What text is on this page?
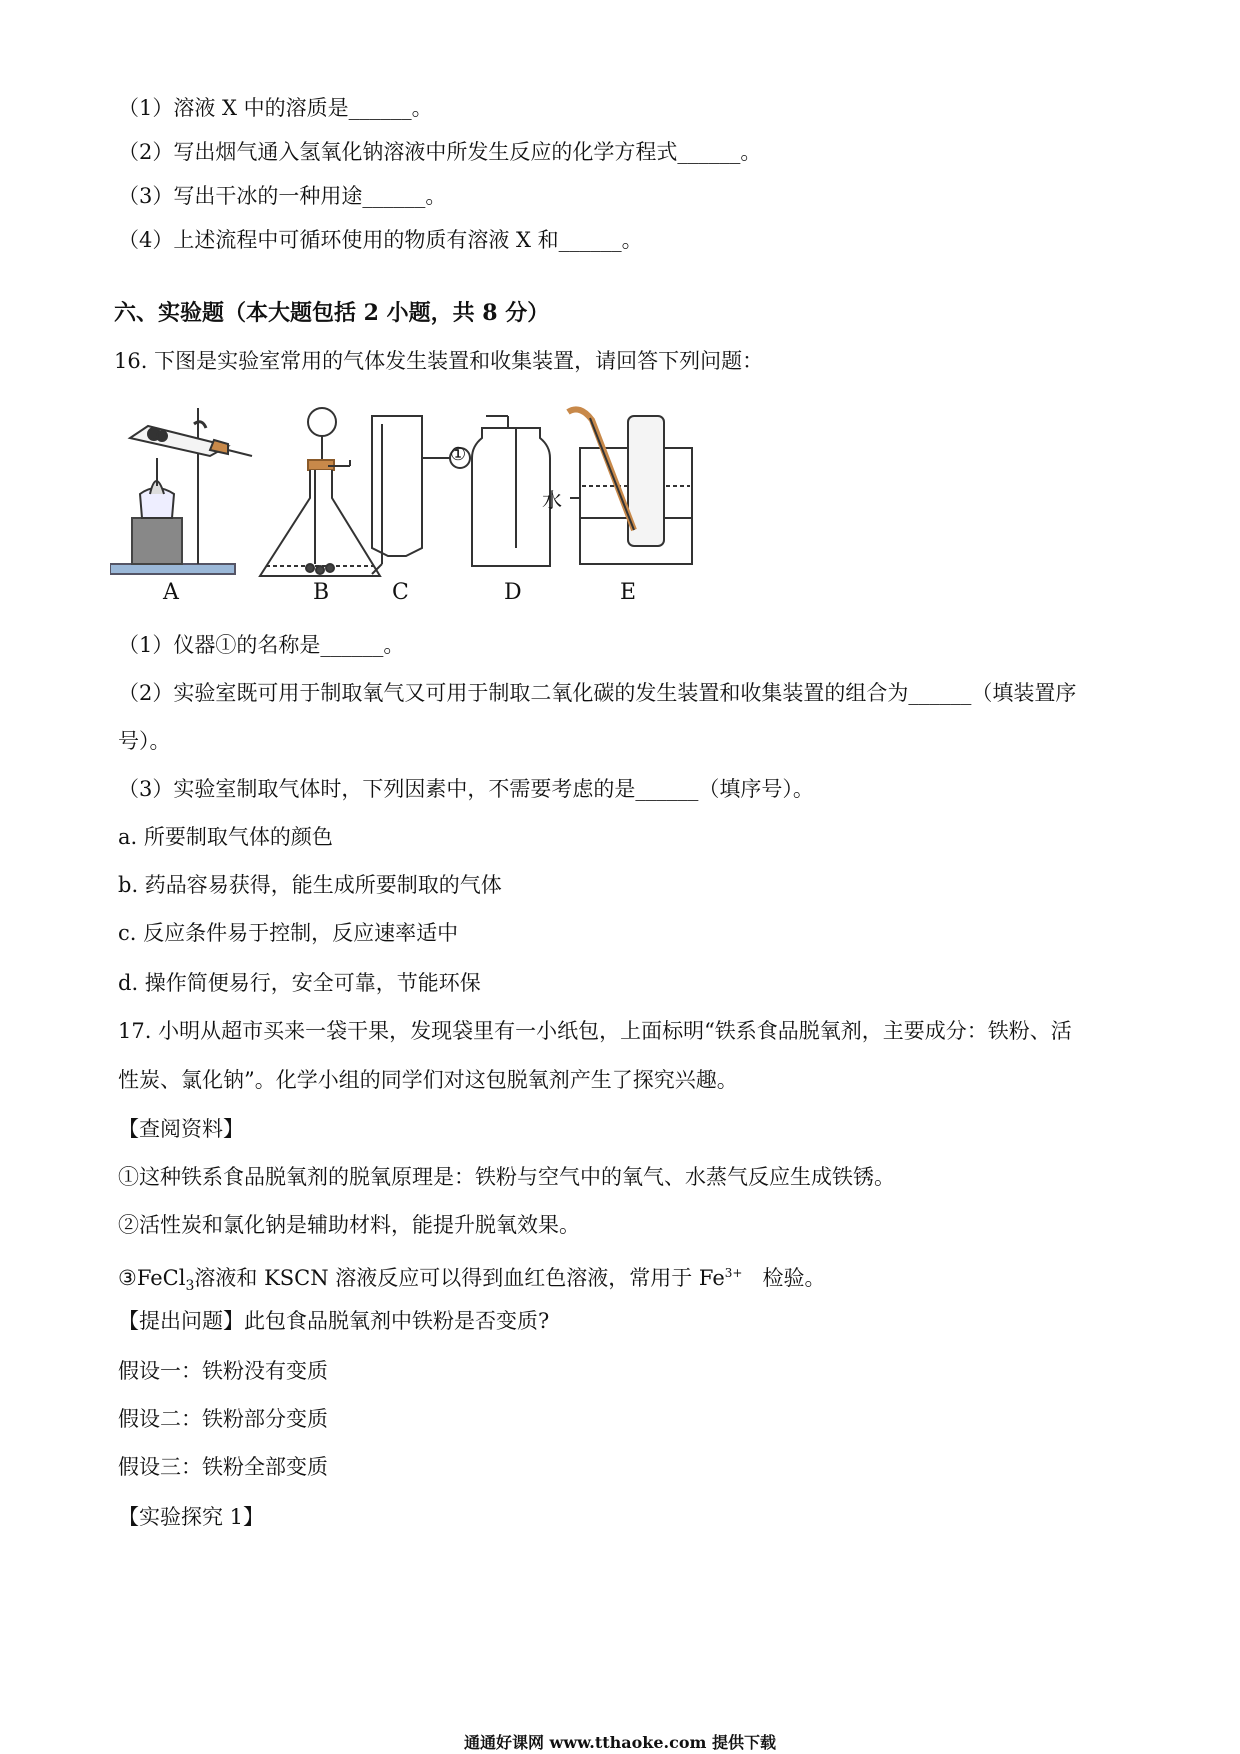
（1）溶液 X 中的溶质是______。
（2）写出烟气通入氢氧化钠溶液中所发生反应的化学方程式______。
（3）写出干冰的一种用途______。
（4）上述流程中可循环使用的物质有溶液 X 和______。
六、实验题（本大题包括 2 小题，共 8 分）
16. 下图是实验室常用的气体发生装置和收集装置，请回答下列问题：
①
水
A	B	C	D	E
（1）仪器①的名称是______。
（2）实验室既可用于制取氧气又可用于制取二氧化碳的发生装置和收集装置的组合为______（填装置序
号）。
（3）实验室制取气体时，下列因素中，不需要考虑的是______（填序号）。
a. 所要制取气体的颜色
b. 药品容易获得，能生成所要制取的气体
c. 反应条件易于控制，反应速率适中
d. 操作简便易行，安全可靠，节能环保
17. 小明从超市买来一袋干果，发现袋里有一小纸包，上面标明“铁系食品脱氧剂，主要成分：铁粉、活
性炭、氯化钠”。化学小组的同学们对这包脱氧剂产生了探究兴趣。
【查阅资料】
①这种铁系食品脱氧剂的脱氧原理是：铁粉与空气中的氧气、水蒸气反应生成铁锈。
②活性炭和氯化钠是辅助材料，能提升脱氧效果。
③FeCl$_3$溶液和 KSCN 溶液反应可以得到血红色溶液，常用于 $Fe^{3+}$ 检验。
【提出问题】此包食品脱氧剂中铁粉是否变质?
假设一：铁粉没有变质
假设二：铁粉部分变质
假设三：铁粉全部变质
【实验探究 1】
通通好课网 www.tthaoke.com 提供下载
